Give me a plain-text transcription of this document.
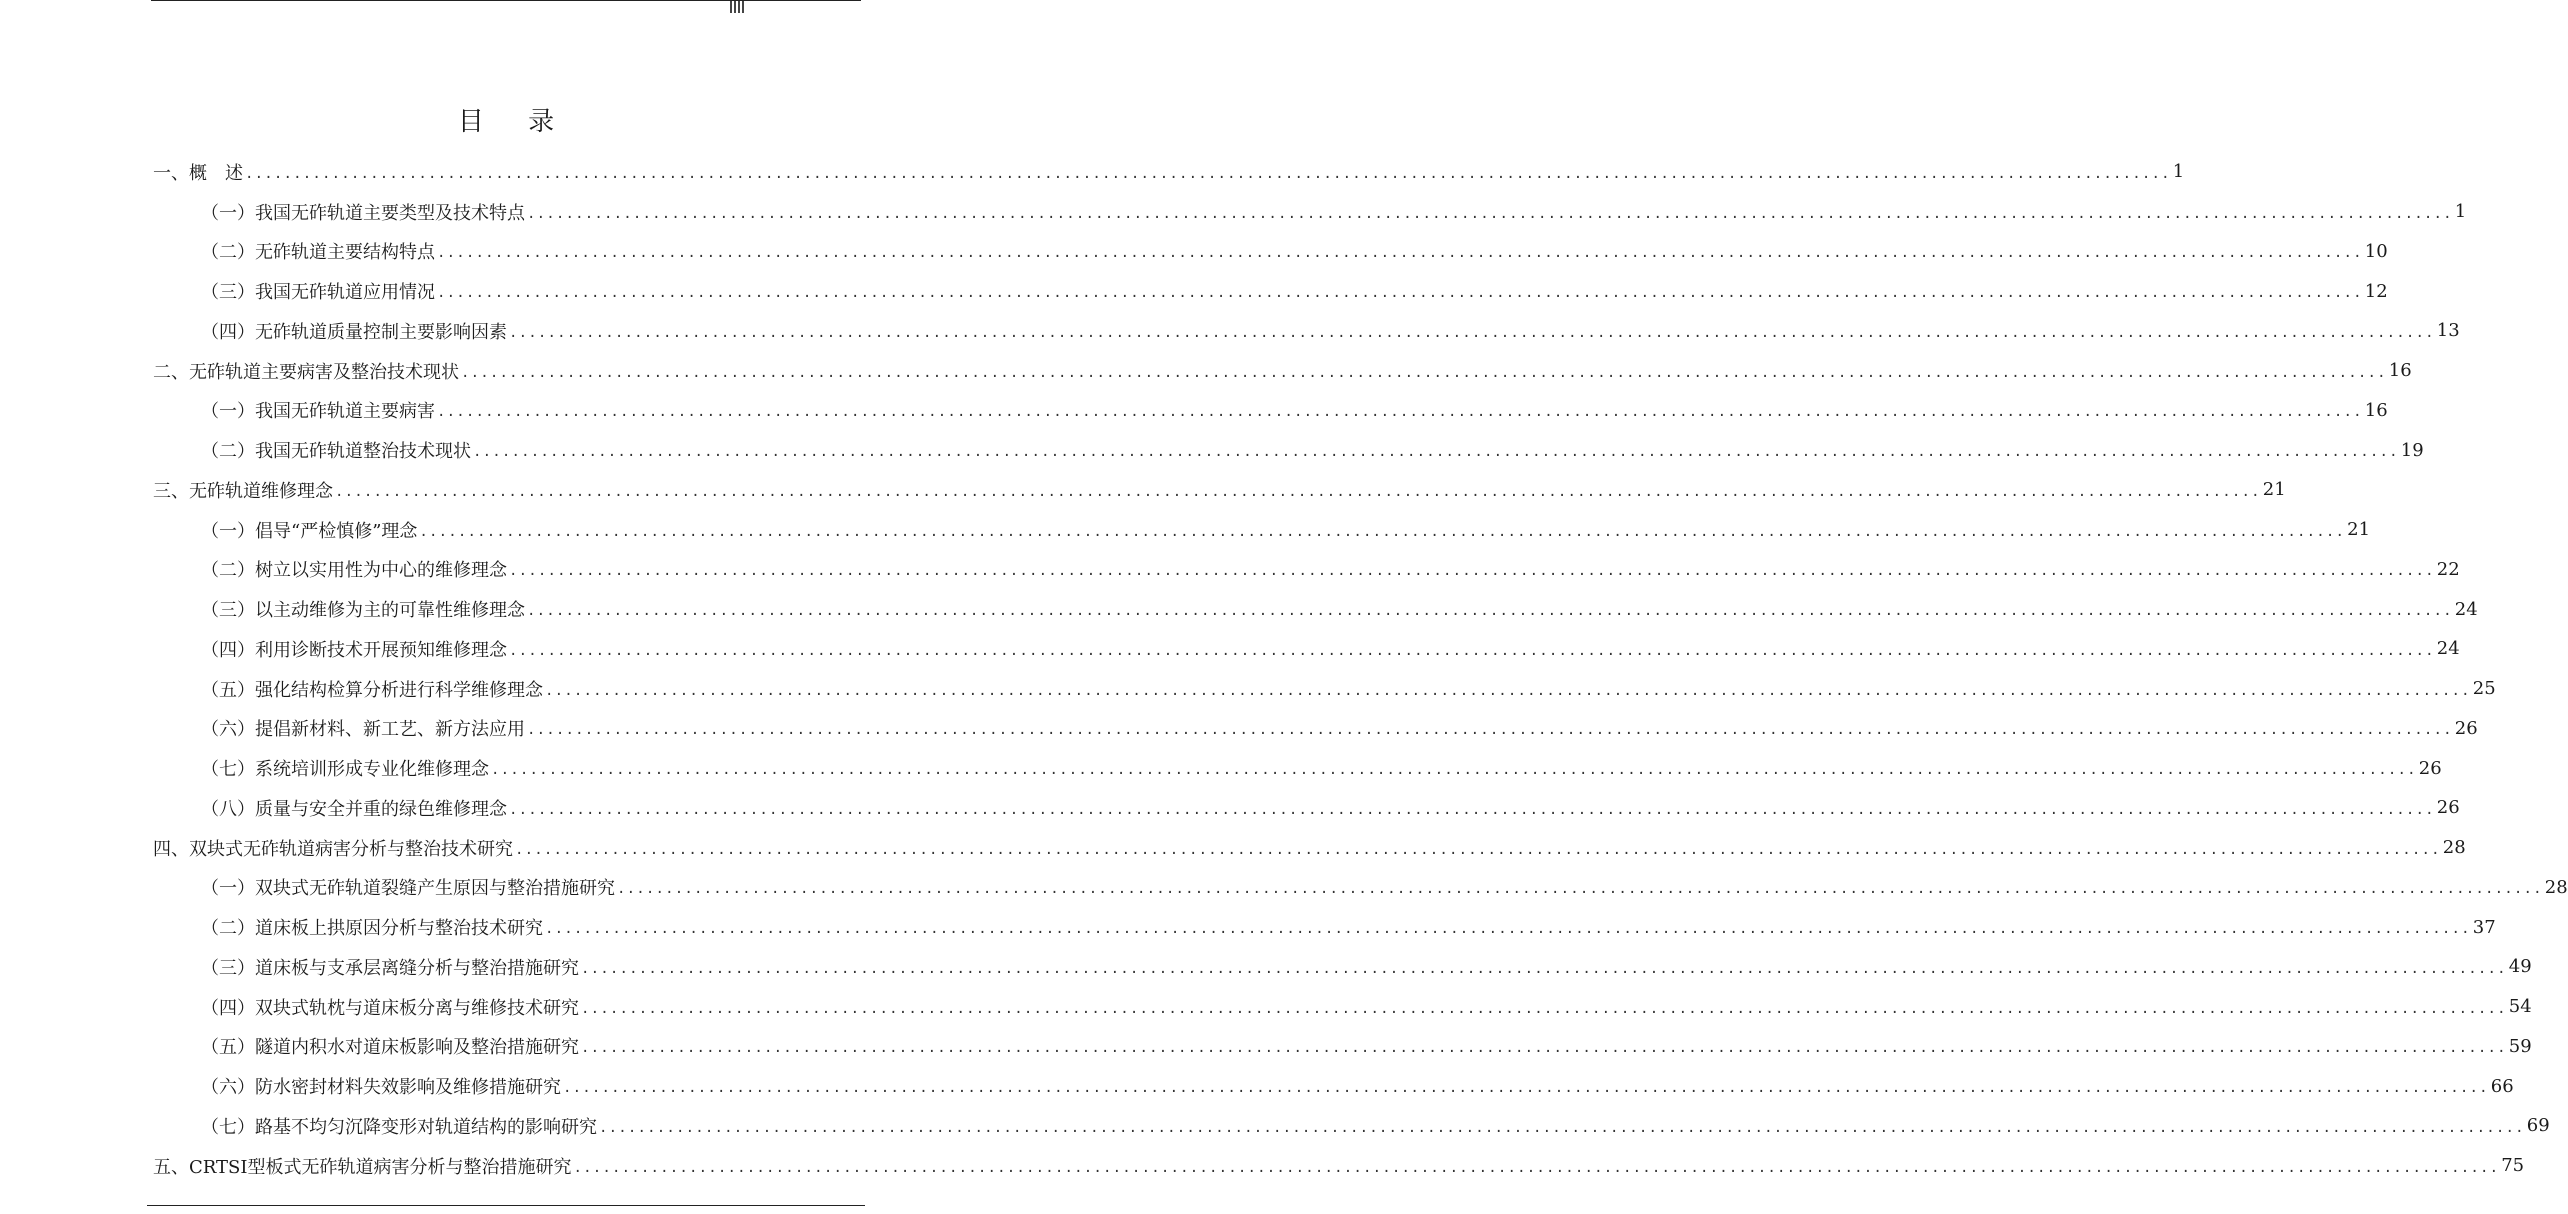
目 录
一、概　述 ........................................................................................................................................................................................................ 1
（一）我国无砟轨道主要类型及技术特点 ........................................................................................................................................................................................................ 1
（二）无砟轨道主要结构特点 ........................................................................................................................................................................................................ 10
（三）我国无砟轨道应用情况 ........................................................................................................................................................................................................ 12
（四）无砟轨道质量控制主要影响因素 ........................................................................................................................................................................................................ 13
二、无砟轨道主要病害及整治技术现状 ........................................................................................................................................................................................................ 16
（一）我国无砟轨道主要病害 ........................................................................................................................................................................................................ 16
（二）我国无砟轨道整治技术现状 ........................................................................................................................................................................................................ 19
三、无砟轨道维修理念 ........................................................................................................................................................................................................ 21
（一）倡导“严检慎修”理念 ........................................................................................................................................................................................................ 21
（二）树立以实用性为中心的维修理念 ........................................................................................................................................................................................................ 22
（三）以主动维修为主的可靠性维修理念 ........................................................................................................................................................................................................ 24
（四）利用诊断技术开展预知维修理念 ........................................................................................................................................................................................................ 24
（五）强化结构检算分析进行科学维修理念 ........................................................................................................................................................................................................ 25
（六）提倡新材料、新工艺、新方法应用 ........................................................................................................................................................................................................ 26
（七）系统培训形成专业化维修理念 ........................................................................................................................................................................................................ 26
（八）质量与安全并重的绿色维修理念 ........................................................................................................................................................................................................ 26
四、双块式无砟轨道病害分析与整治技术研究 ........................................................................................................................................................................................................ 28
（一）双块式无砟轨道裂缝产生原因与整治措施研究 ........................................................................................................................................................................................................ 28
（二）道床板上拱原因分析与整治技术研究 ........................................................................................................................................................................................................ 37
（三）道床板与支承层离缝分析与整治措施研究 ........................................................................................................................................................................................................ 49
（四）双块式轨枕与道床板分离与维修技术研究 ........................................................................................................................................................................................................ 54
（五）隧道内积水对道床板影响及整治措施研究 ........................................................................................................................................................................................................ 59
（六）防水密封材料失效影响及维修措施研究 ........................................................................................................................................................................................................ 66
（七）路基不均匀沉降变形对轨道结构的影响研究 ........................................................................................................................................................................................................ 69
五、CRTSⅠ型板式无砟轨道病害分析与整治措施研究 ........................................................................................................................................................................................................ 75
